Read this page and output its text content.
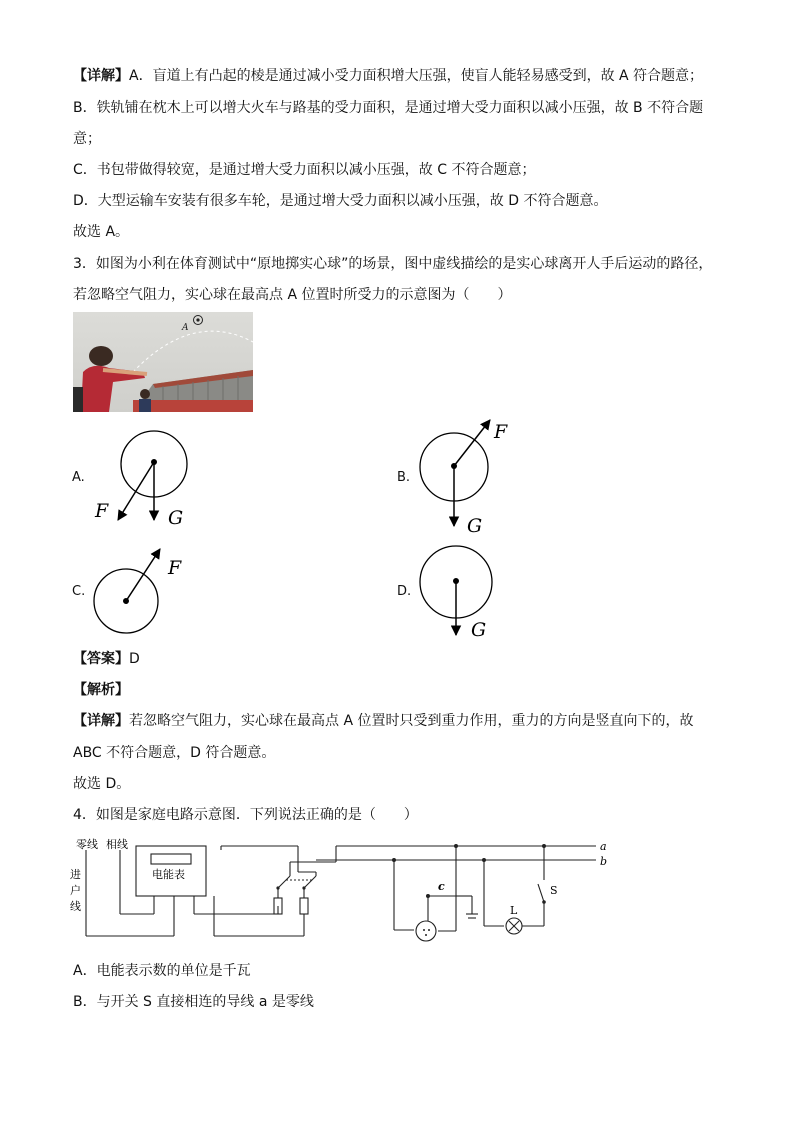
【详解】A．盲道上有凸起的棱是通过减小受力面积增大压强，使盲人能轻易感受到，故 A 符合题意；
B．铁轨铺在枕木上可以增大火车与路基的受力面积，是通过增大受力面积以减小压强，故 B 不符合题
意；
C．书包带做得较宽，是通过增大受力面积以减小压强，故 C 不符合题意；
D．大型运输车安装有很多车轮，是通过增大受力面积以减小压强，故 D 不符合题意。
故选 A。
3．如图为小利在体育测试中“原地掷实心球”的场景，图中虚线描绘的是实心球离开人手后运动的路径，
若忽略空气阻力，实心球在最高点 A 位置时所受力的示意图为（　　）
A
A.
F	G
B.
F
G
C.
F
D.
G
【答案】D
【解析】
【详解】若忽略空气阻力，实心球在最高点 A 位置时只受到重力作用，重力的方向是竖直向下的，故
ABC 不符合题意，D 符合题意。
故选 D。
4．如图是家庭电路示意图．下列说法正确的是（　　）
零线 相线
进
户
线
电能表
a
b
c
L
S
A．电能表示数的单位是千瓦
B．与开关 S 直接相连的导线 a 是零线
